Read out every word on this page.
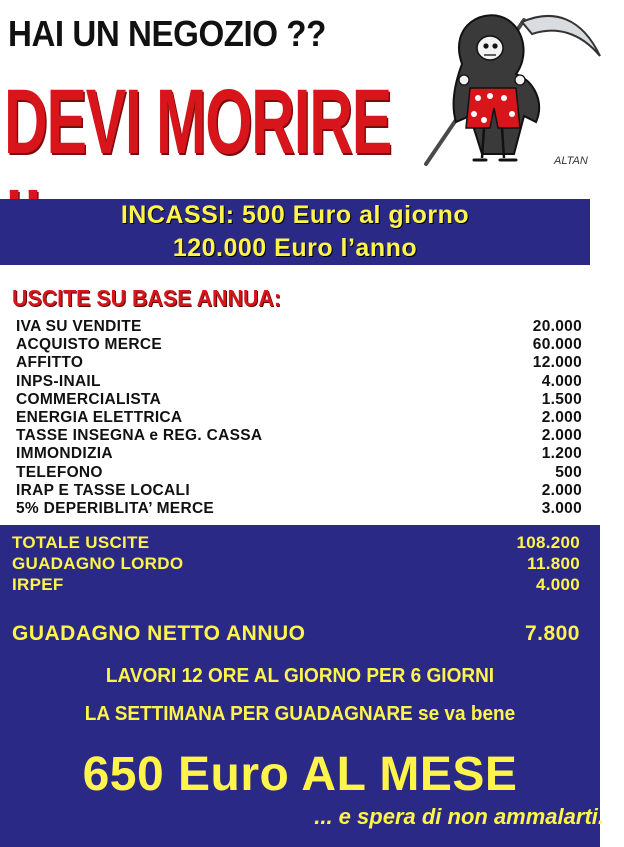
HAI UN NEGOZIO ??
DEVI MORIRE	ALTAN
INCASSI: 500 Euro al giorno
120.000 Euro l’anno
USCITE SU BASE ANNUA:
IVA SU VENDITE	20.000
ACQUISTO MERCE	60.000
AFFITTO	12.000
INPS-INAIL	4.000
COMMERCIALISTA	1.500
ENERGIA ELETTRICA	2.000
TASSE INSEGNA e REG. CASSA	2.000
IMMONDIZIA	1.200
TELEFONO	500
IRAP E TASSE LOCALI	2.000
5% DEPERIBLITA’ MERCE	3.000
TOTALE USCITE	108.200
GUADAGNO LORDO	11.800
IRPEF	4.000
GUADAGNO NETTO ANNUO	7.800

LAVORI 12 ORE AL GIORNO PER 6 GIORNI

LA SETTIMANA PER GUADAGNARE se va bene

650 Euro AL MESE

... e spera di non ammalarti.
